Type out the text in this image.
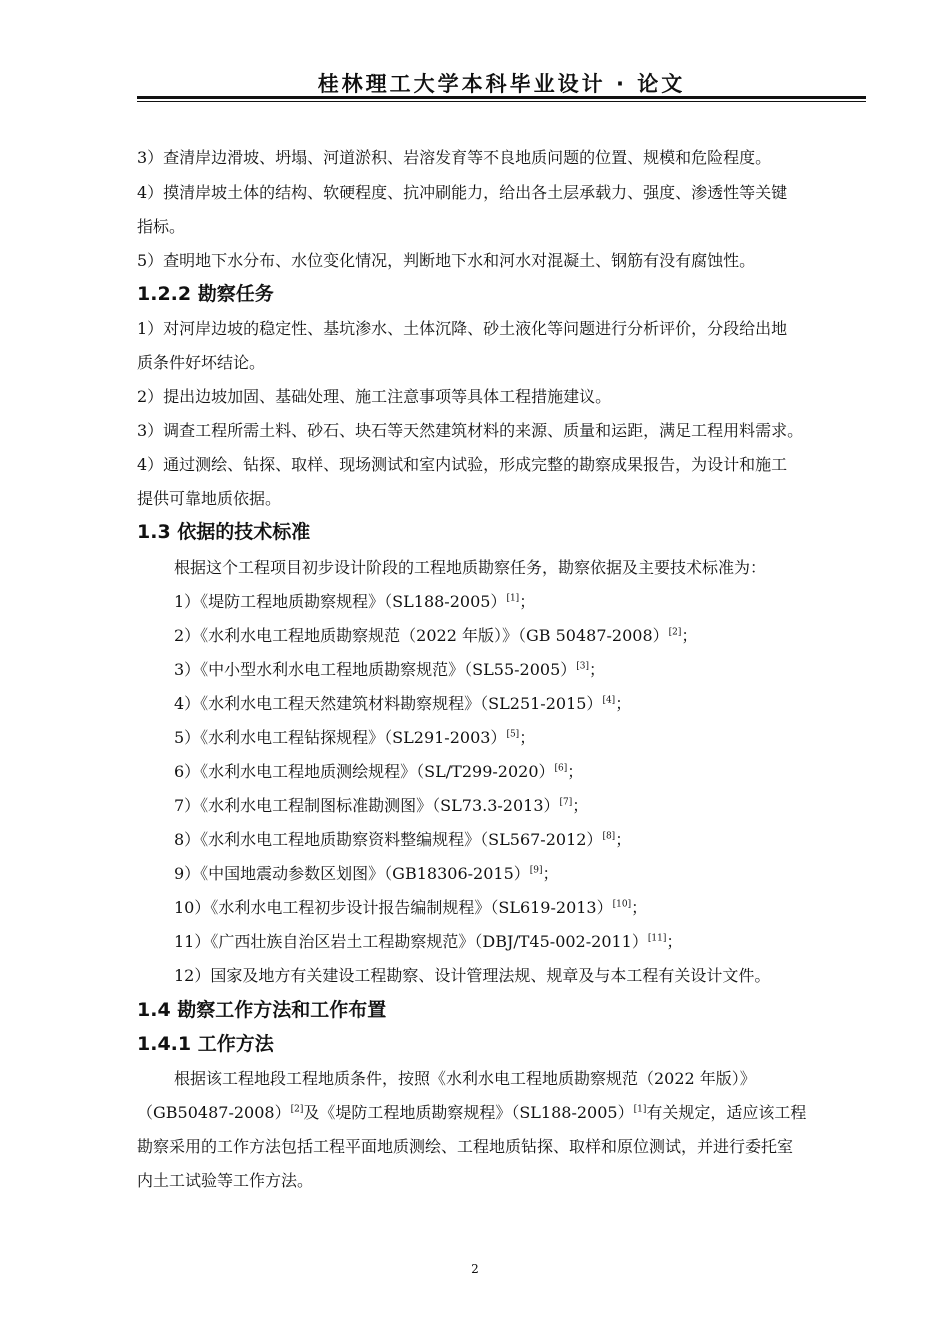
桂林理工大学本科毕业设计 · 论文
3）查清岸边滑坡、坍塌、河道淤积、岩溶发育等不良地质问题的位置、规模和危险程度。
4）摸清岸坡土体的结构、软硬程度、抗冲刷能力，给出各土层承载力、强度、渗透性等关键
指标。
5）查明地下水分布、水位变化情况，判断地下水和河水对混凝土、钢筋有没有腐蚀性。
1.2.2 勘察任务
1）对河岸边坡的稳定性、基坑渗水、土体沉降、砂土液化等问题进行分析评价，分段给出地
质条件好坏结论。
2）提出边坡加固、基础处理、施工注意事项等具体工程措施建议。
3）调查工程所需土料、砂石、块石等天然建筑材料的来源、质量和运距，满足工程用料需求。
4）通过测绘、钻探、取样、现场测试和室内试验，形成完整的勘察成果报告，为设计和施工
提供可靠地质依据。
1.3 依据的技术标准
根据这个工程项目初步设计阶段的工程地质勘察任务，勘察依据及主要技术标准为：
1）《堤防工程地质勘察规程》（SL188-2005）[1]；
2）《水利水电工程地质勘察规范（2022 年版）》（GB 50487-2008）[2]；
3）《中小型水利水电工程地质勘察规范》（SL55-2005）[3]；
4）《水利水电工程天然建筑材料勘察规程》（SL251-2015）[4]；
5）《水利水电工程钻探规程》（SL291-2003）[5]；
6）《水利水电工程地质测绘规程》（SL/T299-2020）[6]；
7）《水利水电工程制图标准勘测图》（SL73.3-2013）[7]；
8）《水利水电工程地质勘察资料整编规程》（SL567-2012）[8]；
9）《中国地震动参数区划图》（GB18306-2015）[9]；
10）《水利水电工程初步设计报告编制规程》（SL619-2013）[10]；
11）《广西壮族自治区岩土工程勘察规范》（DBJ/T45-002-2011）[11]；
12）国家及地方有关建设工程勘察、设计管理法规、规章及与本工程有关设计文件。
1.4 勘察工作方法和工作布置
1.4.1 工作方法
根据该工程地段工程地质条件，按照《水利水电工程地质勘察规范（2022 年版）》
（GB50487-2008）[2]及《堤防工程地质勘察规程》（SL188-2005）[1]有关规定，适应该工程
勘察采用的工作方法包括工程平面地质测绘、工程地质钻探、取样和原位测试，并进行委托室
内土工试验等工作方法。
2
